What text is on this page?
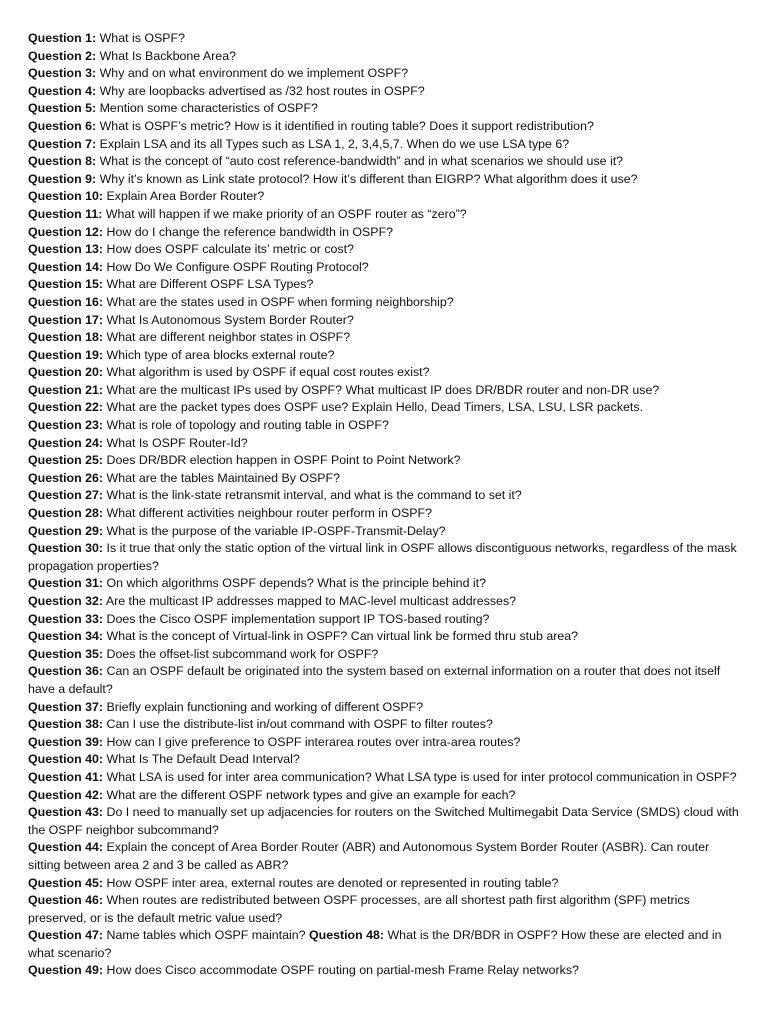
Question 1: What is OSPF?
Question 2: What Is Backbone Area?
Question 3: Why and on what environment do we implement OSPF?
Question 4: Why are loopbacks advertised as /32 host routes in OSPF?
Question 5: Mention some characteristics of OSPF?
Question 6: What is OSPF’s metric? How is it identified in routing table? Does it support redistribution?
Question 7: Explain LSA and its all Types such as LSA 1, 2, 3,4,5,7. When do we use LSA type 6?
Question 8: What is the concept of “auto cost reference-bandwidth” and in what scenarios we should use it?
Question 9: Why it’s known as Link state protocol? How it’s different than EIGRP? What algorithm does it use?
Question 10: Explain Area Border Router?
Question 11: What will happen if we make priority of an OSPF router as “zero”?
Question 12: How do I change the reference bandwidth in OSPF?
Question 13: How does OSPF calculate its’ metric or cost?
Question 14: How Do We Configure OSPF Routing Protocol?
Question 15: What are Different OSPF LSA Types?
Question 16: What are the states used in OSPF when forming neighborship?
Question 17: What Is Autonomous System Border Router?
Question 18: What are different neighbor states in OSPF?
Question 19: Which type of area blocks external route?
Question 20: What algorithm is used by OSPF if equal cost routes exist?
Question 21: What are the multicast IPs used by OSPF? What multicast IP does DR/BDR router and non-DR use?
Question 22: What are the packet types does OSPF use? Explain Hello, Dead Timers, LSA, LSU, LSR packets.
Question 23: What is role of topology and routing table in OSPF?
Question 24: What Is OSPF Router-Id?
Question 25: Does DR/BDR election happen in OSPF Point to Point Network?
Question 26: What are the tables Maintained By OSPF?
Question 27: What is the link-state retransmit interval, and what is the command to set it?
Question 28: What different activities neighbour router perform in OSPF?
Question 29: What is the purpose of the variable IP-OSPF-Transmit-Delay?
Question 30: Is it true that only the static option of the virtual link in OSPF allows discontiguous networks, regardless of the mask propagation properties?
Question 31: On which algorithms OSPF depends? What is the principle behind it?
Question 32: Are the multicast IP addresses mapped to MAC-level multicast addresses?
Question 33: Does the Cisco OSPF implementation support IP TOS-based routing?
Question 34: What is the concept of Virtual-link in OSPF? Can virtual link be formed thru stub area?
Question 35: Does the offset-list subcommand work for OSPF?
Question 36: Can an OSPF default be originated into the system based on external information on a router that does not itself have a default?
Question 37: Briefly explain functioning and working of different OSPF?
Question 38: Can I use the distribute-list in/out command with OSPF to filter routes?
Question 39: How can I give preference to OSPF interarea routes over intra-area routes?
Question 40: What Is The Default Dead Interval?
Question 41: What LSA is used for inter area communication? What LSA type is used for inter protocol communication in OSPF?
Question 42: What are the different OSPF network types and give an example for each?
Question 43: Do I need to manually set up adjacencies for routers on the Switched Multimegabit Data Service (SMDS) cloud with the OSPF neighbor subcommand?
Question 44: Explain the concept of Area Border Router (ABR) and Autonomous System Border Router (ASBR). Can router sitting between area 2 and 3 be called as ABR?
Question 45: How OSPF inter area, external routes are denoted or represented in routing table?
Question 46: When routes are redistributed between OSPF processes, are all shortest path first algorithm (SPF) metrics preserved, or is the default metric value used?
Question 47: Name tables which OSPF maintain? Question 48: What is the DR/BDR in OSPF? How these are elected and in what scenario?
Question 49: How does Cisco accommodate OSPF routing on partial-mesh Frame Relay networks?
